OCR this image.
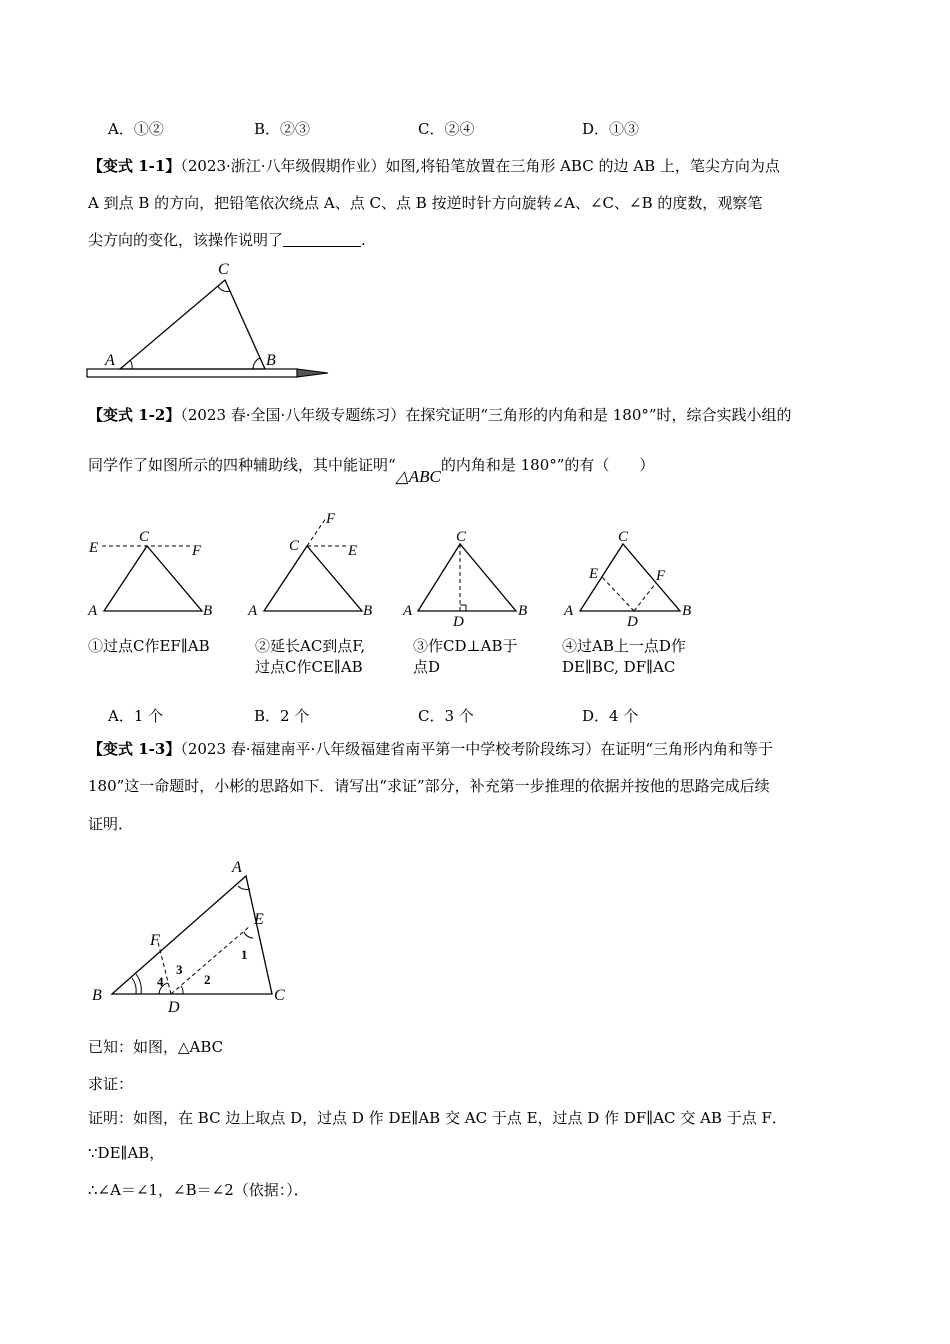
A．①②	B．②③	C．②④	D．①③
【变式 1-1】（2023·浙江·八年级假期作业）如图,将铅笔放置在三角形 ABC 的边 AB 上，笔尖方向为点
A 到点 B 的方向，把铅笔依次绕点 A、点 C、点 B 按逆时针方向旋转∠A、∠C、∠B 的度数，观察笔
尖方向的变化，该操作说明了	.
A
C
B
【变式 1-2】（2023 春·全国·八年级专题练习）在探究证明“三角形的内角和是 180°”时，综合实践小组的
同学作了如图所示的四种辅助线，其中能证明“△ABC的内角和是 180°”的有（　　）
C
E	F
A	B
C
F
E
A	B
C
D
A	B
C
E	F
D
A	B
①过点C作EF∥AB	②延长AC到点F,
过点C作CE∥AB
③作CD⊥AB于
点D
④过AB上一点D作
DE∥BC, DF∥AC
A．1 个	B．2 个	C．3 个	D．4 个
【变式 1-3】（2023 春·福建南平·八年级福建省南平第一中学校考阶段练习）在证明“三角形内角和等于
180”这一命题时，小彬的思路如下．请写出“求证”部分，补充第一步推理的依据并按他的思路完成后续
证明．
A
E
F
B	C
D
1
2
3
4
已知：如图，△ABC
求证：
证明：如图，在 BC 边上取点 D，过点 D 作 DE∥AB 交 AC 于点 E，过点 D 作 DF∥AC 交 AB 于点 F．
∵DE∥AB，
∴∠A＝∠1，∠B＝∠2（依据：）．
